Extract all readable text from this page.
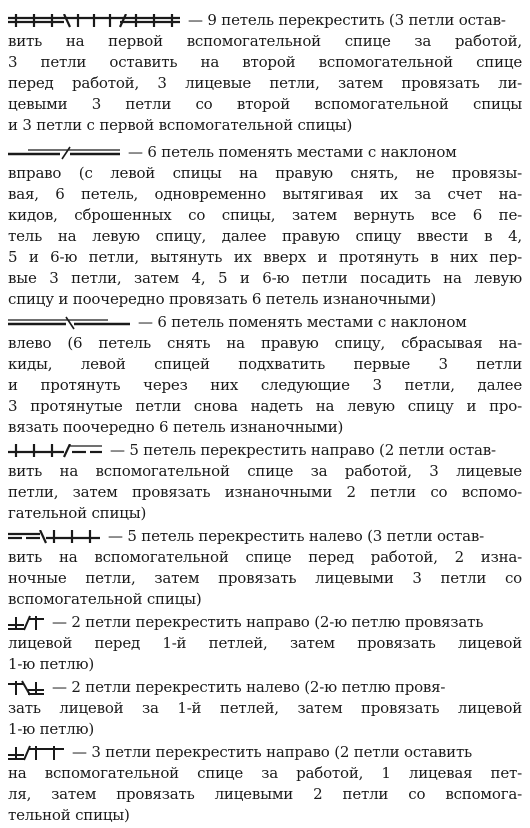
— 9 петель перекрестить (3 петли остав-
вить на первой вспомогательной спице за работой,
3 петли оставить на второй вспомогательной спице
перед работой, 3 лицевые петли, затем провязать ли-
цевыми 3 петли со второй вспомогательной спицы
и 3 петли с первой вспомогательной спицы)
— 6 петель поменять местами с наклоном
вправо (с левой спицы на правую снять, не провязы-
вая, 6 петель, одновременно вытягивая их за счет на-
кидов, сброшенных со спицы, затем вернуть все 6 пе-
тель на левую спицу, далее правую спицу ввести в 4,
5 и 6-ю петли, вытянуть их вверх и протянуть в них пер-
вые 3 петли, затем 4, 5 и 6-ю петли посадить на левую
спицу и поочередно провязать 6 петель изнаночными)
— 6 петель поменять местами с наклоном
влево (6 петель снять на правую спицу, сбрасывая на-
киды, левой спицей подхватить первые 3 петли
и протянуть через них следующие 3 петли, далее
3 протянутые петли снова надеть на левую спицу и про-
вязать поочередно 6 петель изнаночными)
— 5 петель перекрестить направо (2 петли остав-
вить на вспомогательной спице за работой, 3 лицевые
петли, затем провязать изнаночными 2 петли со вспомо-
гательной спицы)
— 5 петель перекрестить налево (3 петли остав-
вить на вспомогательной спице перед работой, 2 изна-
ночные петли, затем провязать лицевыми 3 петли со
вспомогательной спицы)
— 2 петли перекрестить направо (2-ю петлю провязать
лицевой перед 1-й петлей, затем провязать лицевой
1-ю петлю)
— 2 петли перекрестить налево (2-ю петлю провя-
зать лицевой за 1-й петлей, затем провязать лицевой
1-ю петлю)
— 3 петли перекрестить направо (2 петли оставить
на вспомогательной спице за работой, 1 лицевая пет-
ля, затем провязать лицевыми 2 петли со вспомога-
тельной спицы)
